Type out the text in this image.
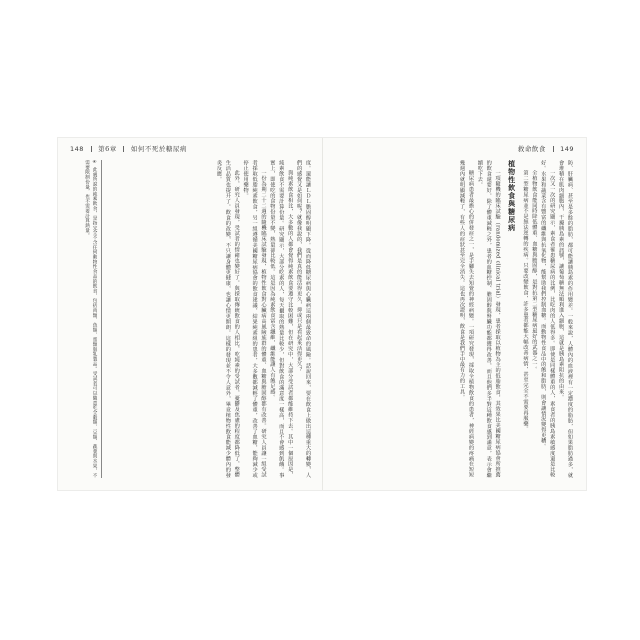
148 第6章 如何不死於糖尿病

度。還能讓ＬＤＬ膽固醇明顯下降。從而降低糖尿病與心臟病這兩個最致命的風險。話說回來，要在飲食上做出這種重大的轉變，人們的感覺又是如何呢？就像我說的，我們是真的能活得更久，抑或只是看起來活得更久？

與純素飲食相比，大多數的人都會覺得純素飲食要遵守比較困難，但在研究中，大部分受試者都能維持下去。其中一個原因是，純素飲食不需要計算份量。研究顯示，大部分吃素的人，每天攝取的熱量比較少，但對飲食的滿意度一樣高，而且不會感到飢餓。事實上，即使吃的食物份量不變，熱量卻比較低。這是因為純素飲食富含纖維，纖維能讓人有飽足感。

一份為期二十二週的隨機臨床試驗發現，植物性飲食對心臟病高風險族群的體重、血糖與膽固醇都有改善。研究人員讓一組受試者採取低脂純素飲食，另一組遵循美國糖尿病協會的飲食建議，結果純素組的患者，大多數都減輕了體重，改善了血糖，能夠減少或停止使用藥物。

此外，研究人員發現，受試者的情緒也變好了。與採取傳統飲食的人相比，吃純素的受試者，憂鬱及焦慮的程度都降低了，整體生活品質也提升了。飲食的改變，不只讓身體更健康，也讓心情更開朗。這樣的發現並不令人意外，畢竟植物性飲食能減少體內的發炎反應。

④ 此處所說的純素飲食，是指完全不含任何動物性食品的飲食，包括肉類、魚類、蛋類與乳製品。受試者可以隨意吃全穀類、豆類、蔬菜與水果，不需要限制份量，也不需要計算熱量。

救命飲食 149

防、肝臟病、甚至是多餘的脂肪，都可能讓胰島素的作用變差。一般來說，人體內的血液裡有一定濃度的脂肪，但如果脂肪過多，就會堆積在肌肉細胞內，干擾胰島素的訊號，讓葡萄糖無法順利進入細胞，這就是胰島素阻抗的由來。

一次又一次的研究顯示，素食者罹患糖尿病的比例，比吃肉的人低得多。即使是同樣體重的人，素食者的胰島素敏感度還是比較好。水果和蔬菜含有豐富的纖維與抗氧化物，能幫助我們控制血糖。而動物性食品中的飽和脂肪，則會讓情況變得更糟。

全植物飲食能同時降低體重、血糖與膽固醇，是對抗第二型糖尿病最好的武器之一。

第二型糖尿病並不是無法逆轉的疾病。只要改變飲食，許多患者都能大幅改善病情，甚至完全不需要再服藥。

植物性飲食與糖尿病

一項隨機的臨床試驗（randomized clinical trial）發現，患者採取以植物為主的低脂飲食，其效果比美國糖尿病協會所推薦的飲食還要好。除了體重減輕之外，患者的血糖控制、膽固醇與腎臟功能都獲得改善，而且他們多半對這種飲食感到滿意，表示會繼續吃下去。

糖尿病患者最擔心的併發症之一，是手腳失去知覺的神經病變。一項研究發現，採取全植物飲食的患者，神經病變的疼痛在短短幾週內就明顯減輕了，有些人的症狀甚至完全消失。這也再次證明，飲食是我們手中最有力的工具。
